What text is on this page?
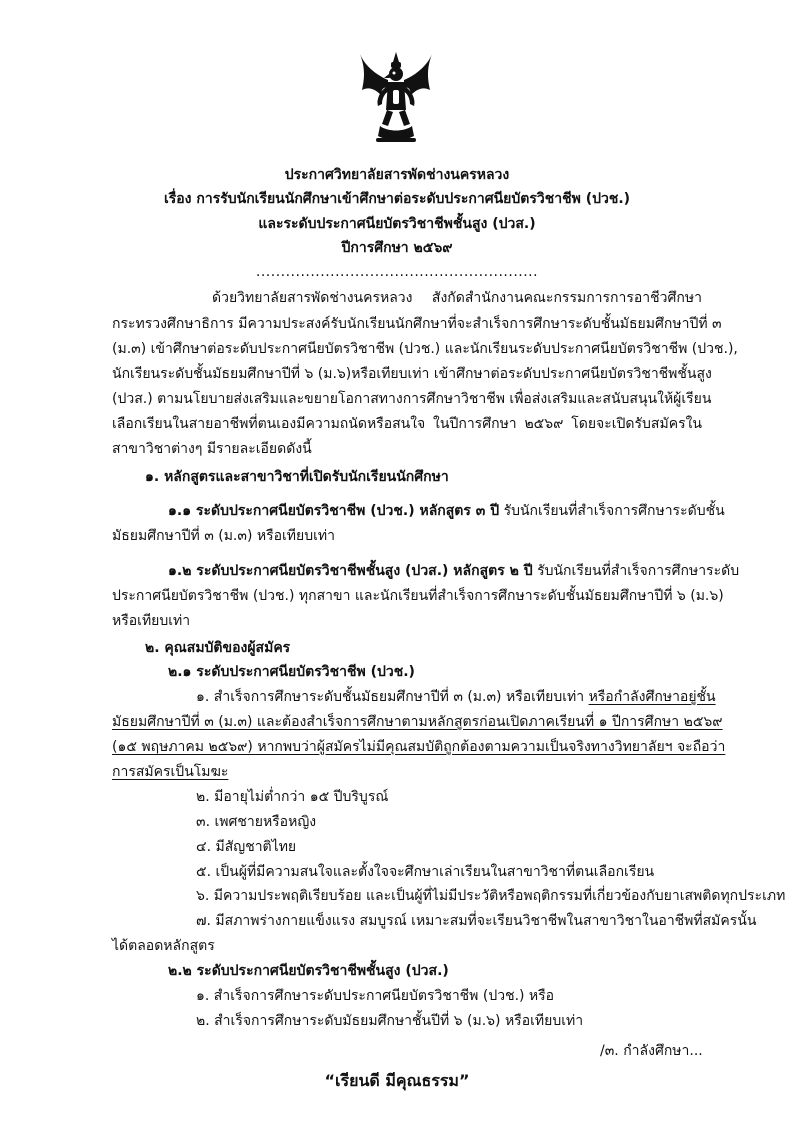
ประกาศวิทยาลัยสารพัดช่างนครหลวง
เรื่อง การรับนักเรียนนักศึกษาเข้าศึกษาต่อระดับประกาศนียบัตรวิชาชีพ (ปวช.)
และระดับประกาศนียบัตรวิชาชีพชั้นสูง (ปวส.)
ปีการศึกษา ๒๕๖๙
.........................................................
ด้วยวิทยาลัยสารพัดช่างนครหลวง สังกัดสำนักงานคณะกรรมการการอาชีวศึกษา
กระทรวงศึกษาธิการ มีความประสงค์รับนักเรียนนักศึกษาที่จะสำเร็จการศึกษาระดับชั้นมัธยมศึกษาปีที่ ๓
(ม.๓) เข้าศึกษาต่อระดับประกาศนียบัตรวิชาชีพ (ปวช.) และนักเรียนระดับประกาศนียบัตรวิชาชีพ (ปวช.),
นักเรียนระดับชั้นมัธยมศึกษาปีที่ ๖ (ม.๖)หรือเทียบเท่า เข้าศึกษาต่อระดับประกาศนียบัตรวิชาชีพชั้นสูง
(ปวส.) ตามนโยบายส่งเสริมและขยายโอกาสทางการศึกษาวิชาชีพ เพื่อส่งเสริมและสนับสนุนให้ผู้เรียน
เลือกเรียนในสายอาชีพที่ตนเองมีความถนัดหรือสนใจ ในปีการศึกษา ๒๕๖๙ โดยจะเปิดรับสมัครใน
สาขาวิชาต่างๆ มีรายละเอียดดังนี้
๑. หลักสูตรและสาขาวิชาที่เปิดรับนักเรียนนักศึกษา
๑.๑ ระดับประกาศนียบัตรวิชาชีพ (ปวช.) หลักสูตร ๓ ปี รับนักเรียนที่สำเร็จการศึกษาระดับชั้น
มัธยมศึกษาปีที่ ๓ (ม.๓) หรือเทียบเท่า
๑.๒ ระดับประกาศนียบัตรวิชาชีพชั้นสูง (ปวส.) หลักสูตร ๒ ปี รับนักเรียนที่สำเร็จการศึกษาระดับ
ประกาศนียบัตรวิชาชีพ (ปวช.) ทุกสาขา และนักเรียนที่สำเร็จการศึกษาระดับชั้นมัธยมศึกษาปีที่ ๖ (ม.๖)
หรือเทียบเท่า
๒. คุณสมบัติของผู้สมัคร
๒.๑ ระดับประกาศนียบัตรวิชาชีพ (ปวช.)
๑. สำเร็จการศึกษาระดับชั้นมัธยมศึกษาปีที่ ๓ (ม.๓) หรือเทียบเท่า หรือกำลังศึกษาอยู่ชั้น
มัธยมศึกษาปีที่ ๓ (ม.๓) และต้องสำเร็จการศึกษาตามหลักสูตรก่อนเปิดภาคเรียนที่ ๑ ปีการศึกษา ๒๕๖๙
(๑๕ พฤษภาคม ๒๕๖๙) หากพบว่าผู้สมัครไม่มีคุณสมบัติถูกต้องตามความเป็นจริงทางวิทยาลัยฯ จะถือว่า
การสมัครเป็นโมฆะ
๒. มีอายุไม่ต่ำกว่า ๑๕ ปีบริบูรณ์
๓. เพศชายหรือหญิง
๔. มีสัญชาติไทย
๕. เป็นผู้ที่มีความสนใจและตั้งใจจะศึกษาเล่าเรียนในสาขาวิชาที่ตนเลือกเรียน
๖. มีความประพฤติเรียบร้อย และเป็นผู้ที่ไม่มีประวัติหรือพฤติกรรมที่เกี่ยวข้องกับยาเสพติดทุกประเภท
๗. มีสภาพร่างกายแข็งแรง สมบูรณ์ เหมาะสมที่จะเรียนวิชาชีพในสาขาวิชาในอาชีพที่สมัครนั้น
ได้ตลอดหลักสูตร
๒.๒ ระดับประกาศนียบัตรวิชาชีพชั้นสูง (ปวส.)
๑. สำเร็จการศึกษาระดับประกาศนียบัตรวิชาชีพ (ปวช.) หรือ
๒. สำเร็จการศึกษาระดับมัธยมศึกษาชั้นปีที่ ๖ (ม.๖) หรือเทียบเท่า
/๓. กำลังศึกษา...
“เรียนดี มีคุณธรรม”
